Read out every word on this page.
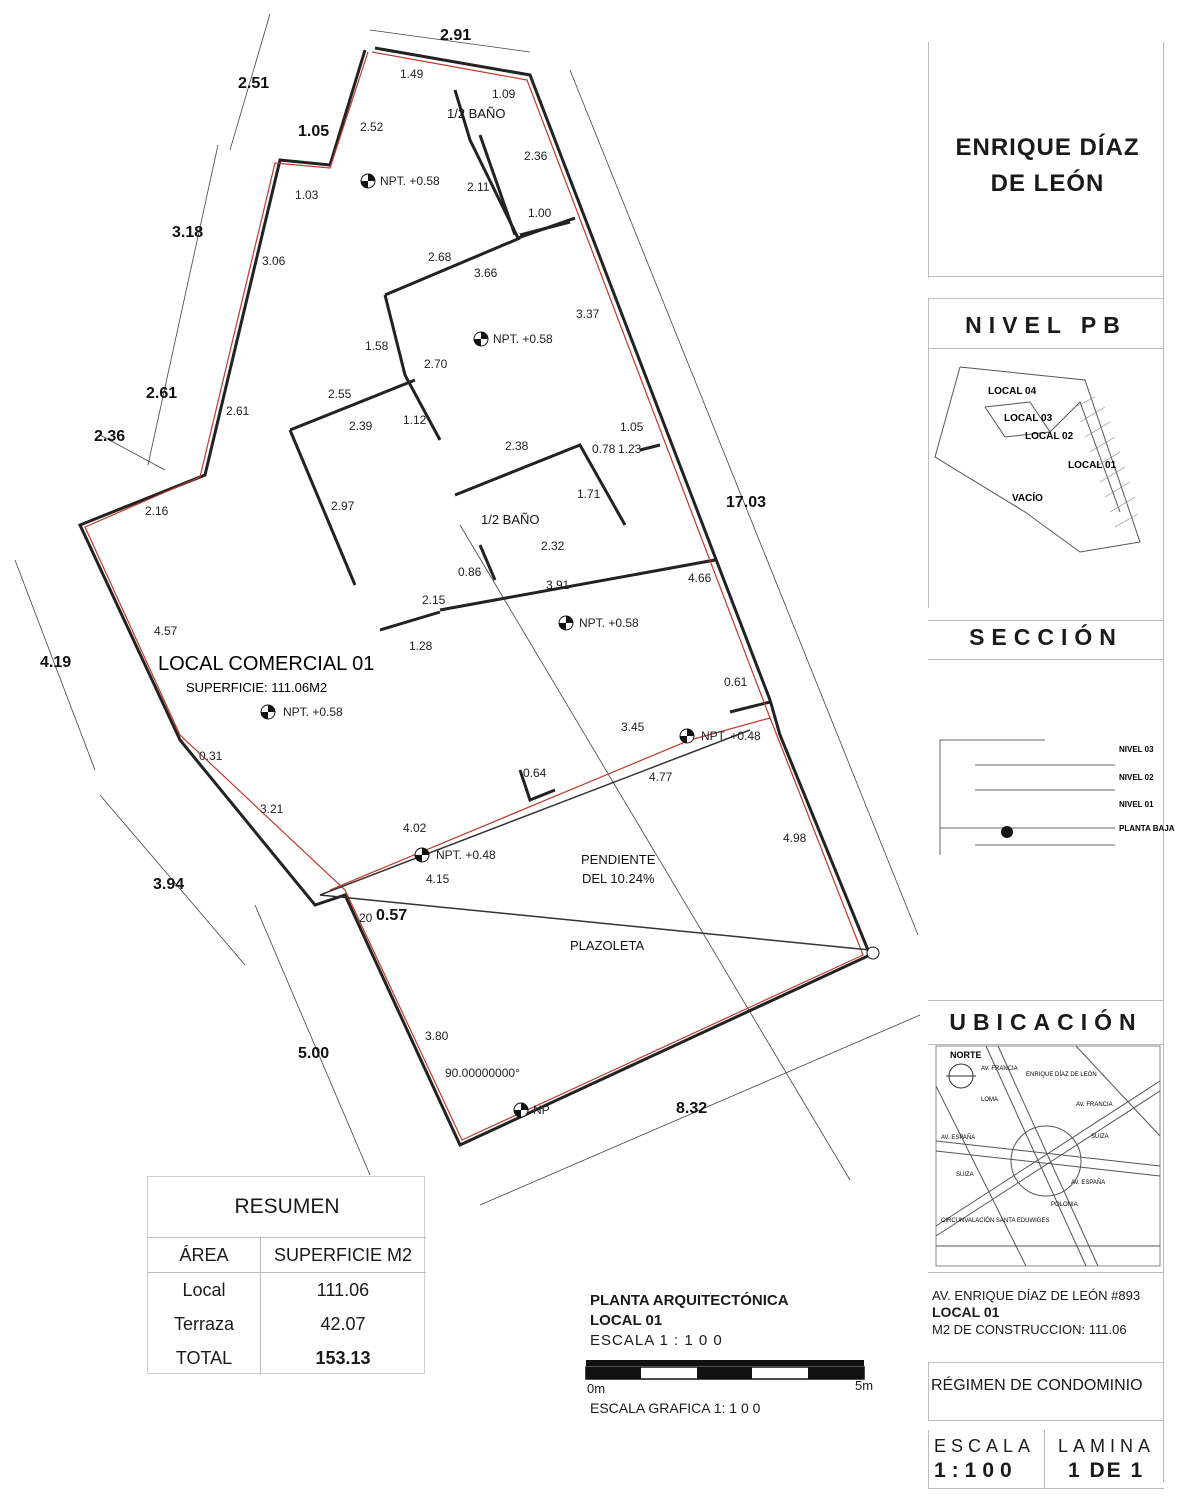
2.91
2.51
1.05
3.18
2.61
2.36
4.19
3.94
5.00
0.57
8.32
17.03
1.49
1.09
2.52
2.36
1.03
2.11
1.00
3.06	2.68
3.66
3.37
1.58
2.70
2.55
2.39	1.12
2.61
2.38
1.05
0.78 1.23
1.71
2.16	2.97
2.32
0.86
3.91	4.66
2.15
4.57
1.28
0.61
3.45
0.31
0.64	4.77
3.21
4.02
4.98
4.15
20
3.80
1/2 BAÑO
1/2 BAÑO
LOCAL COMERCIAL 01
SUPERFICIE: 111.06M2
PENDIENTE
DEL 10.24%
PLAZOLETA
90.00000000°
NPT. +0.58
NPT. +0.58
NPT. +0.58
NPT. +0.58
NPT. +0.48
NPT. +0.48
NP
ENRIQUE DÍAZ
DE LEÓN
NIVEL PB
LOCAL 04
LOCAL 03
LOCAL 02
LOCAL 01
VACÍO
SECCIÓN
NIVEL 03
NIVEL 02
NIVEL 01
PLANTA BAJA
UBICACIÓN
NORTE
AV. FRANCIA
AV. FRANCIA
AV. ESPAÑA
AV. ESPAÑA
ENRIQUE DÍAZ DE LEÓN
SUIZA
SUIZA
POLONIA
LOMA
CIRCUNVALACIÓN SANTA EDUWIGES
AV. ENRIQUE DÍAZ DE LEÓN #893
LOCAL 01
M2 DE CONSTRUCCION: 111.06
RÉGIMEN DE CONDOMINIO
ESCALA
1:100
LAMINA
1 DE 1
RESUMEN
ÁREA	SUPERFICIE M2
Local	111.06
Terraza	42.07
TOTAL	153.13
PLANTA ARQUITECTÓNICA
LOCAL 01
ESCALA 1 : 1 0 0
0m	5m
ESCALA GRAFICA 1: 1 0 0
